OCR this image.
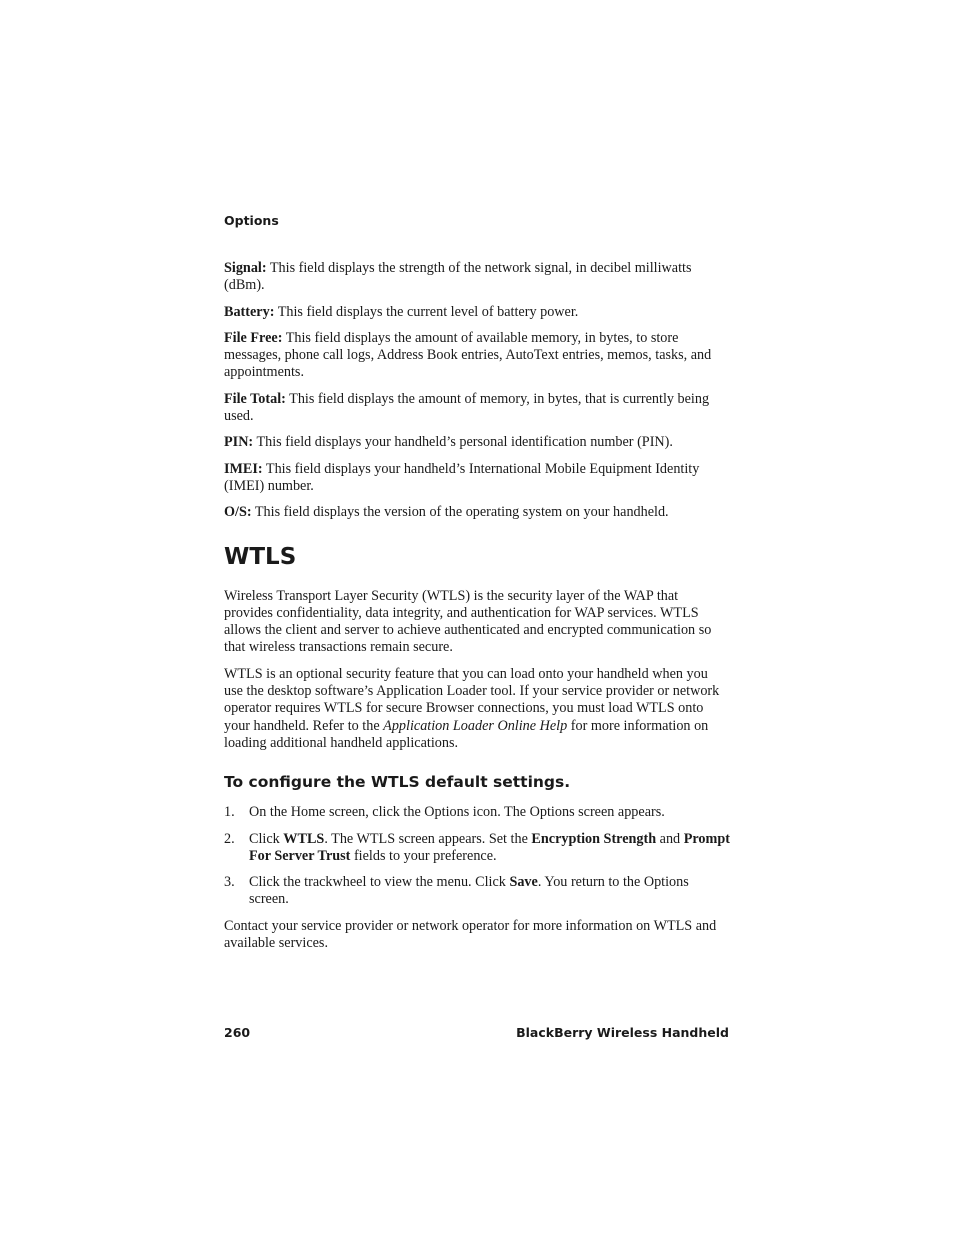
Options

Signal: This field displays the strength of the network signal, in decibel milliwatts (dBm).

Battery: This field displays the current level of battery power.

File Free: This field displays the amount of available memory, in bytes, to store messages, phone call logs, Address Book entries, AutoText entries, memos, tasks, and appointments.

File Total: This field displays the amount of memory, in bytes, that is currently being used.

PIN: This field displays your handheld’s personal identification number (PIN).

IMEI: This field displays your handheld’s International Mobile Equipment Identity (IMEI) number.

O/S: This field displays the version of the operating system on your handheld.

WTLS

Wireless Transport Layer Security (WTLS) is the security layer of the WAP that provides confidentiality, data integrity, and authentication for WAP services. WTLS allows the client and server to achieve authenticated and encrypted communication so that wireless transactions remain secure.

WTLS is an optional security feature that you can load onto your handheld when you use the desktop software’s Application Loader tool. If your service provider or network operator requires WTLS for secure Browser connections, you must load WTLS onto your handheld. Refer to the Application Loader Online Help for more information on loading additional handheld applications.

To configure the WTLS default settings.
1. On the Home screen, click the Options icon. The Options screen appears.
2. Click WTLS. The WTLS screen appears. Set the Encryption Strength and Prompt For Server Trust fields to your preference.
3. Click the trackwheel to view the menu. Click Save. You return to the Options screen.

Contact your service provider or network operator for more information on WTLS and available services.

260	BlackBerry Wireless Handheld
